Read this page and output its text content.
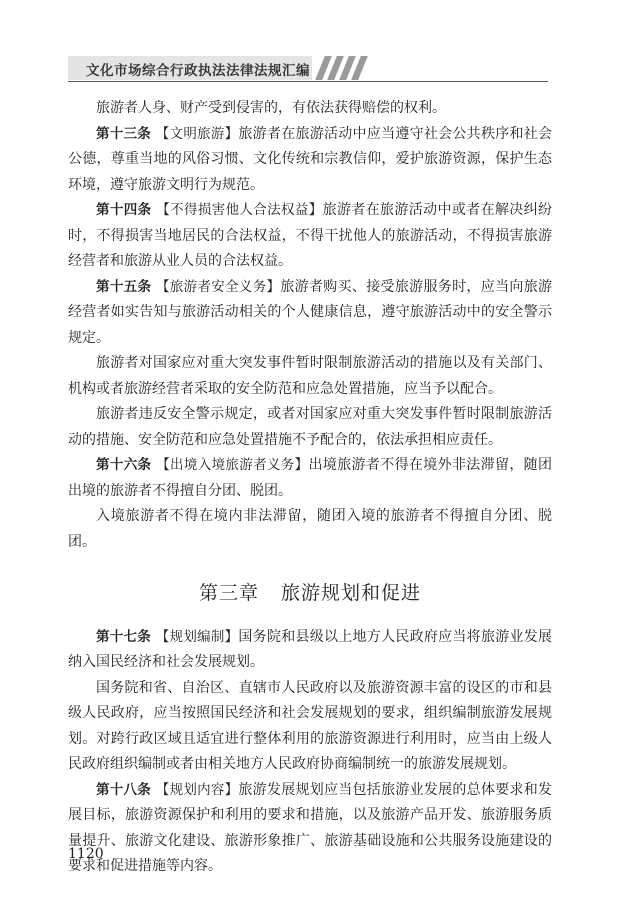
文化市场综合行政执法法律法规汇编

旅游者人身、财产受到侵害的，有依法获得赔偿的权利。

第十三条 【文明旅游】旅游者在旅游活动中应当遵守社会公共秩序和社会公德，尊重当地的风俗习惯、文化传统和宗教信仰，爱护旅游资源，保护生态环境，遵守旅游文明行为规范。

第十四条 【不得损害他人合法权益】旅游者在旅游活动中或者在解决纠纷时，不得损害当地居民的合法权益，不得干扰他人的旅游活动，不得损害旅游经营者和旅游从业人员的合法权益。

第十五条 【旅游者安全义务】旅游者购买、接受旅游服务时，应当向旅游经营者如实告知与旅游活动相关的个人健康信息，遵守旅游活动中的安全警示规定。

旅游者对国家应对重大突发事件暂时限制旅游活动的措施以及有关部门、机构或者旅游经营者采取的安全防范和应急处置措施，应当予以配合。

旅游者违反安全警示规定，或者对国家应对重大突发事件暂时限制旅游活动的措施、安全防范和应急处置措施不予配合的，依法承担相应责任。

第十六条 【出境入境旅游者义务】出境旅游者不得在境外非法滞留，随团出境的旅游者不得擅自分团、脱团。

入境旅游者不得在境内非法滞留，随团入境的旅游者不得擅自分团、脱团。

第三章 旅游规划和促进

第十七条 【规划编制】国务院和县级以上地方人民政府应当将旅游业发展纳入国民经济和社会发展规划。

国务院和省、自治区、直辖市人民政府以及旅游资源丰富的设区的市和县级人民政府，应当按照国民经济和社会发展规划的要求，组织编制旅游发展规划。对跨行政区域且适宜进行整体利用的旅游资源进行利用时，应当由上级人民政府组织编制或者由相关地方人民政府协商编制统一的旅游发展规划。

第十八条 【规划内容】旅游发展规划应当包括旅游业发展的总体要求和发展目标，旅游资源保护和利用的要求和措施，以及旅游产品开发、旅游服务质量提升、旅游文化建设、旅游形象推广、旅游基础设施和公共服务设施建设的要求和促进措施等内容。

1120
